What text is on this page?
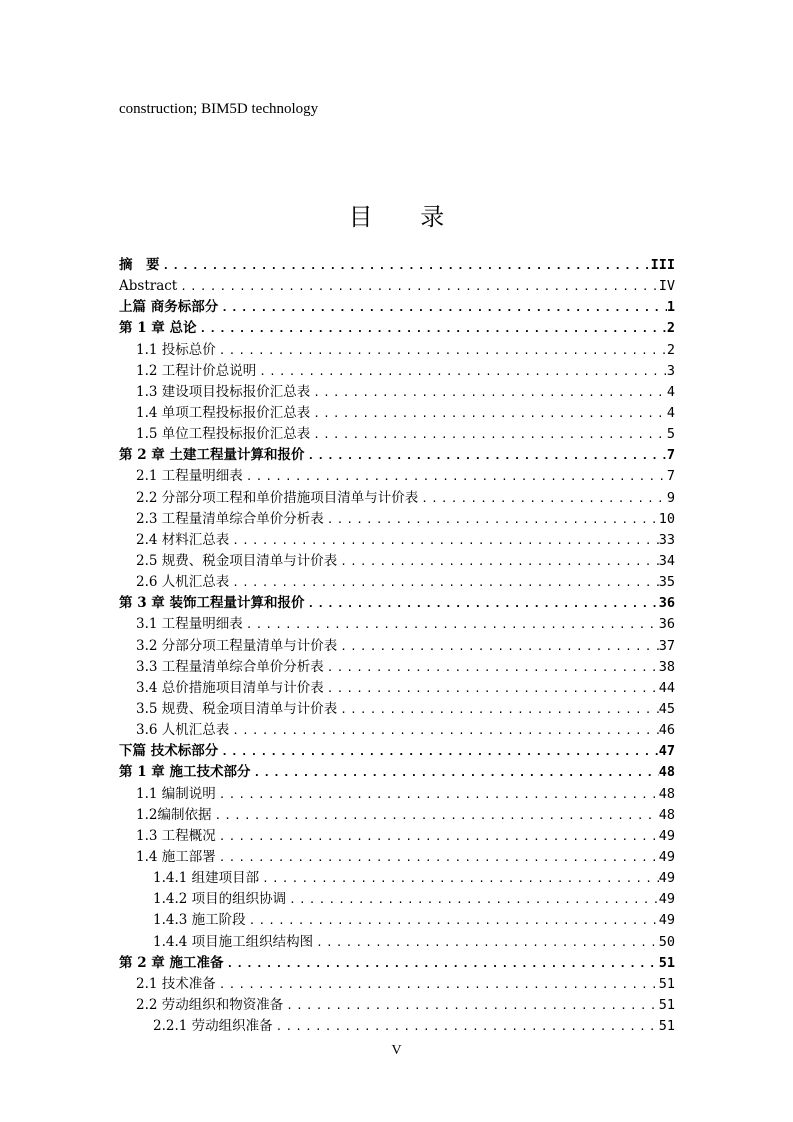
construction; BIM5D technology
目 录
摘　要 .....	III
Abstract .....	IV
上篇 商务标部分 .....	1
第 1 章 总论 .....	2
1.1 投标总价 .....	2
1.2 工程计价总说明 .....	3
1.3 建设项目投标报价汇总表 .....	4
1.4 单项工程投标报价汇总表 .....	4
1.5 单位工程投标报价汇总表 .....	5
第 2 章 土建工程量计算和报价 .....	7
2.1 工程量明细表 .....	7
2.2 分部分项工程和单价措施项目清单与计价表 .....	9
2.3 工程量清单综合单价分析表 .....	10
2.4 材料汇总表 .....	33
2.5 规费、税金项目清单与计价表 .....	34
2.6 人机汇总表 .....	35
第 3 章 装饰工程量计算和报价 .....	36
3.1 工程量明细表 .....	36
3.2 分部分项工程量清单与计价表 .....	37
3.3 工程量清单综合单价分析表 .....	38
3.4 总价措施项目清单与计价表 .....	44
3.5 规费、税金项目清单与计价表 .....	45
3.6 人机汇总表 .....	46
下篇 技术标部分 .....	47
第 1 章 施工技术部分 .....	48
1.1 编制说明 .....	48
1.2编制依据 .....	48
1.3 工程概况 .....	49
1.4 施工部署 .....	49
1.4.1 组建项目部 .....	49
1.4.2 项目的组织协调 .....	49
1.4.3 施工阶段 .....	49
1.4.4 项目施工组织结构图 .....	50
第 2 章 施工准备 .....	51
2.1 技术准备 .....	51
2.2 劳动组织和物资准备 .....	51
2.2.1 劳动组织准备 .....	51
V
